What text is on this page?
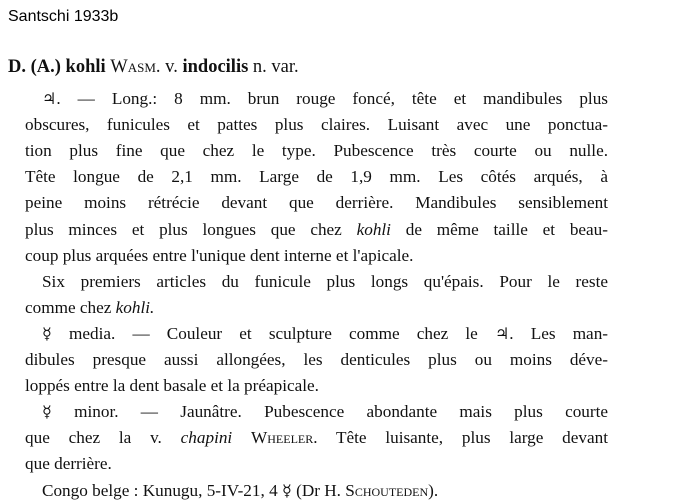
Santschi 1933b
D. (A.) kohli Wasm. v. indocilis n. var.
♃. — Long.: 8 mm. brun rouge foncé, tête et mandibules plus
obscures, funicules et pattes plus claires. Luisant avec une ponctua-
tion plus fine que chez le type. Pubescence très courte ou nulle.
Tête longue de 2,1 mm. Large de 1,9 mm. Les côtés arqués, à
peine moins rétrécie devant que derrière. Mandibules sensiblement
plus minces et plus longues que chez kohli de même taille et beau-
coup plus arquées entre l'unique dent interne et l'apicale.
Six premiers articles du funicule plus longs qu'épais. Pour le reste
comme chez kohli.
☿ media. — Couleur et sculpture comme chez le ♃. Les man-
dibules presque aussi allongées, les denticules plus ou moins déve-
loppés entre la dent basale et la préapicale.
☿ minor. — Jaunâtre. Pubescence abondante mais plus courte
que chez la v. chapini Wheeler. Tête luisante, plus large devant
que derrière.
Congo belge : Kunugu, 5-IV-21, 4 ☿ (Dr H. Schouteden).
